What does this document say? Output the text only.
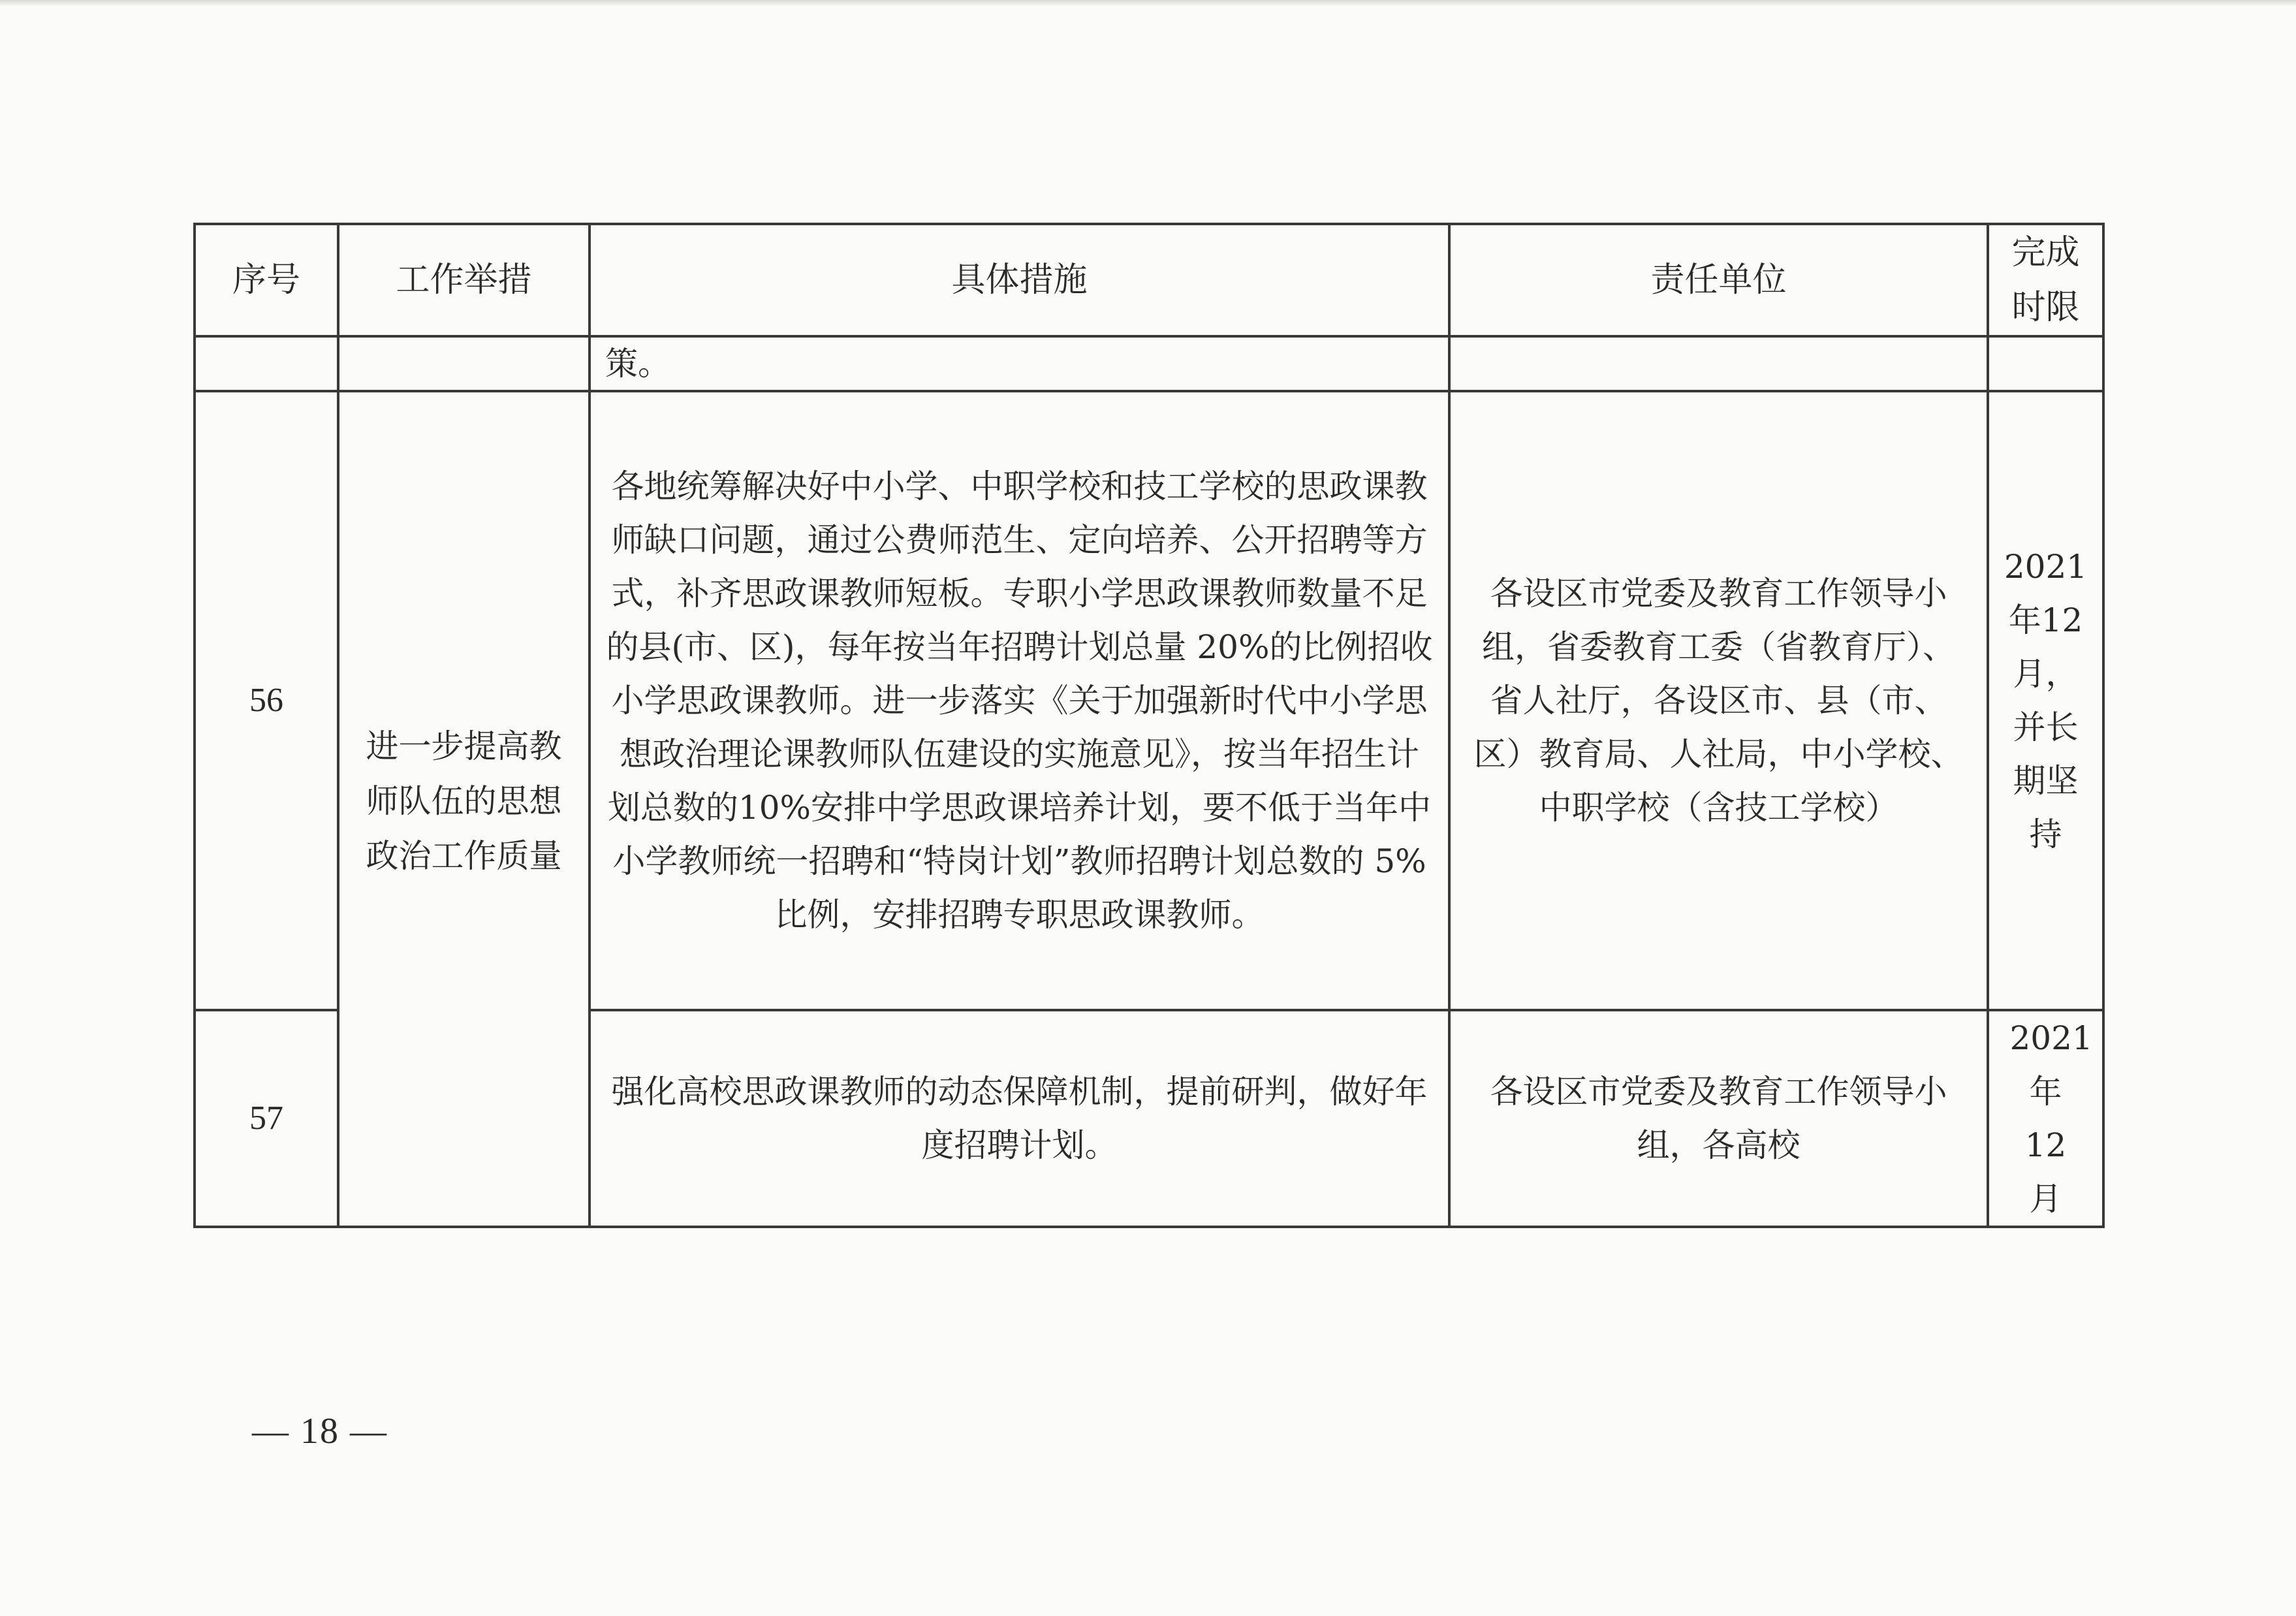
序号	工作举措	具体措施	责任单位	完成时限

		策。		
56	进一步提高教师队伍的思想政治工作质量	各地统筹解决好中小学、中职学校和技工学校的思政课教师缺口问题，通过公费师范生、定向培养、公开招聘等方式，补齐思政课教师短板。专职小学思政课教师数量不足的县(市、区)，每年按当年招聘计划总量 20%的比例招收小学思政课教师。进一步落实《关于加强新时代中小学思想政治理论课教师队伍建设的实施意见》，按当年招生计划总数的10%安排中学思政课培养计划，要不低于当年中小学教师统一招聘和“特岗计划”教师招聘计划总数的 5%比例，安排招聘专职思政课教师。	各设区市党委及教育工作领导小组，省委教育工委（省教育厅）、省人社厅，各设区市、县（市、区）教育局、人社局，中小学校、中职学校（含技工学校）	2021年12月，并长期坚持

57		强化高校思政课教师的动态保障机制，提前研判，做好年度招聘计划。	各设区市党委及教育工作领导小组，各高校	2021年12月
— 18 —
